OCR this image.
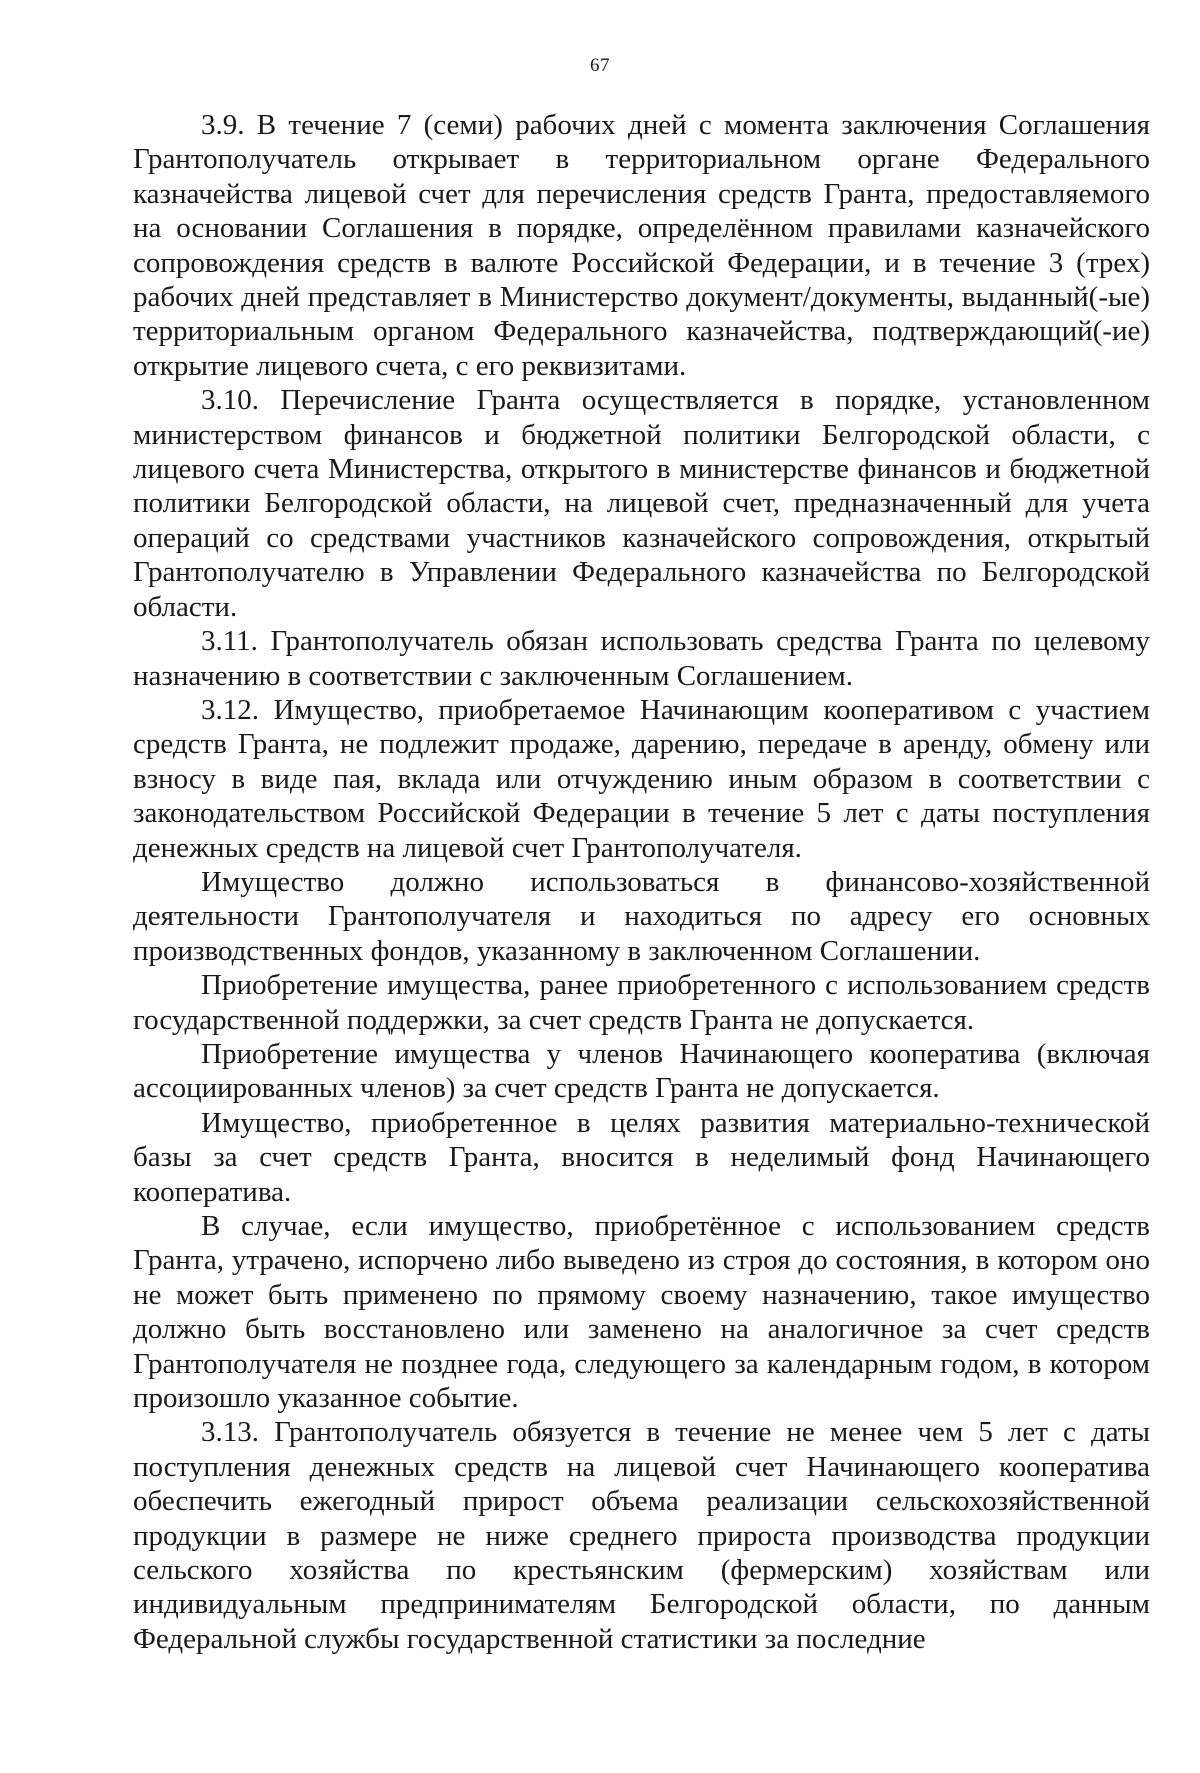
67

3.9. В течение 7 (семи) рабочих дней с момента заключения Соглашения Грантополучатель открывает в территориальном органе Федерального казначейства лицевой счет для перечисления средств Гранта, предоставляемого на основании Соглашения в порядке, определённом правилами казначейского сопровождения средств в валюте Российской Федерации, и в течение 3 (трех) рабочих дней представляет в Министерство документ/документы, выданный(-ые) территориальным органом Федерального казначейства, подтверждающий(-ие) открытие лицевого счета, с его реквизитами.

3.10. Перечисление Гранта осуществляется в порядке, установленном министерством финансов и бюджетной политики Белгородской области, с лицевого счета Министерства, открытого в министерстве финансов и бюджетной политики Белгородской области, на лицевой счет, предназначенный для учета операций со средствами участников казначейского сопровождения, открытый Грантополучателю в Управлении Федерального казначейства по Белгородской области.

3.11. Грантополучатель обязан использовать средства Гранта по целевому назначению в соответствии с заключенным Соглашением.

3.12. Имущество, приобретаемое Начинающим кооперативом с участием средств Гранта, не подлежит продаже, дарению, передаче в аренду, обмену или взносу в виде пая, вклада или отчуждению иным образом в соответствии с законодательством Российской Федерации в течение 5 лет с даты поступления денежных средств на лицевой счет Грантополучателя.

Имущество должно использоваться в финансово-хозяйственной деятельности Грантополучателя и находиться по адресу его основных производственных фондов, указанному в заключенном Соглашении.

Приобретение имущества, ранее приобретенного с использованием средств государственной поддержки, за счет средств Гранта не допускается.

Приобретение имущества у членов Начинающего кооператива (включая ассоциированных членов) за счет средств Гранта не допускается.

Имущество, приобретенное в целях развития материально-технической базы за счет средств Гранта, вносится в неделимый фонд Начинающего кооператива.

В случае, если имущество, приобретённое с использованием средств Гранта, утрачено, испорчено либо выведено из строя до состояния, в котором оно не может быть применено по прямому своему назначению, такое имущество должно быть восстановлено или заменено на аналогичное за счет средств Грантополучателя не позднее года, следующего за календарным годом, в котором произошло указанное событие.

3.13. Грантополучатель обязуется в течение не менее чем 5 лет с даты поступления денежных средств на лицевой счет Начинающего кооператива обеспечить ежегодный прирост объема реализации сельскохозяйственной продукции в размере не ниже среднего прироста производства продукции сельского хозяйства по крестьянским (фермерским) хозяйствам или индивидуальным предпринимателям Белгородской области, по данным Федеральной службы государственной статистики за последние
